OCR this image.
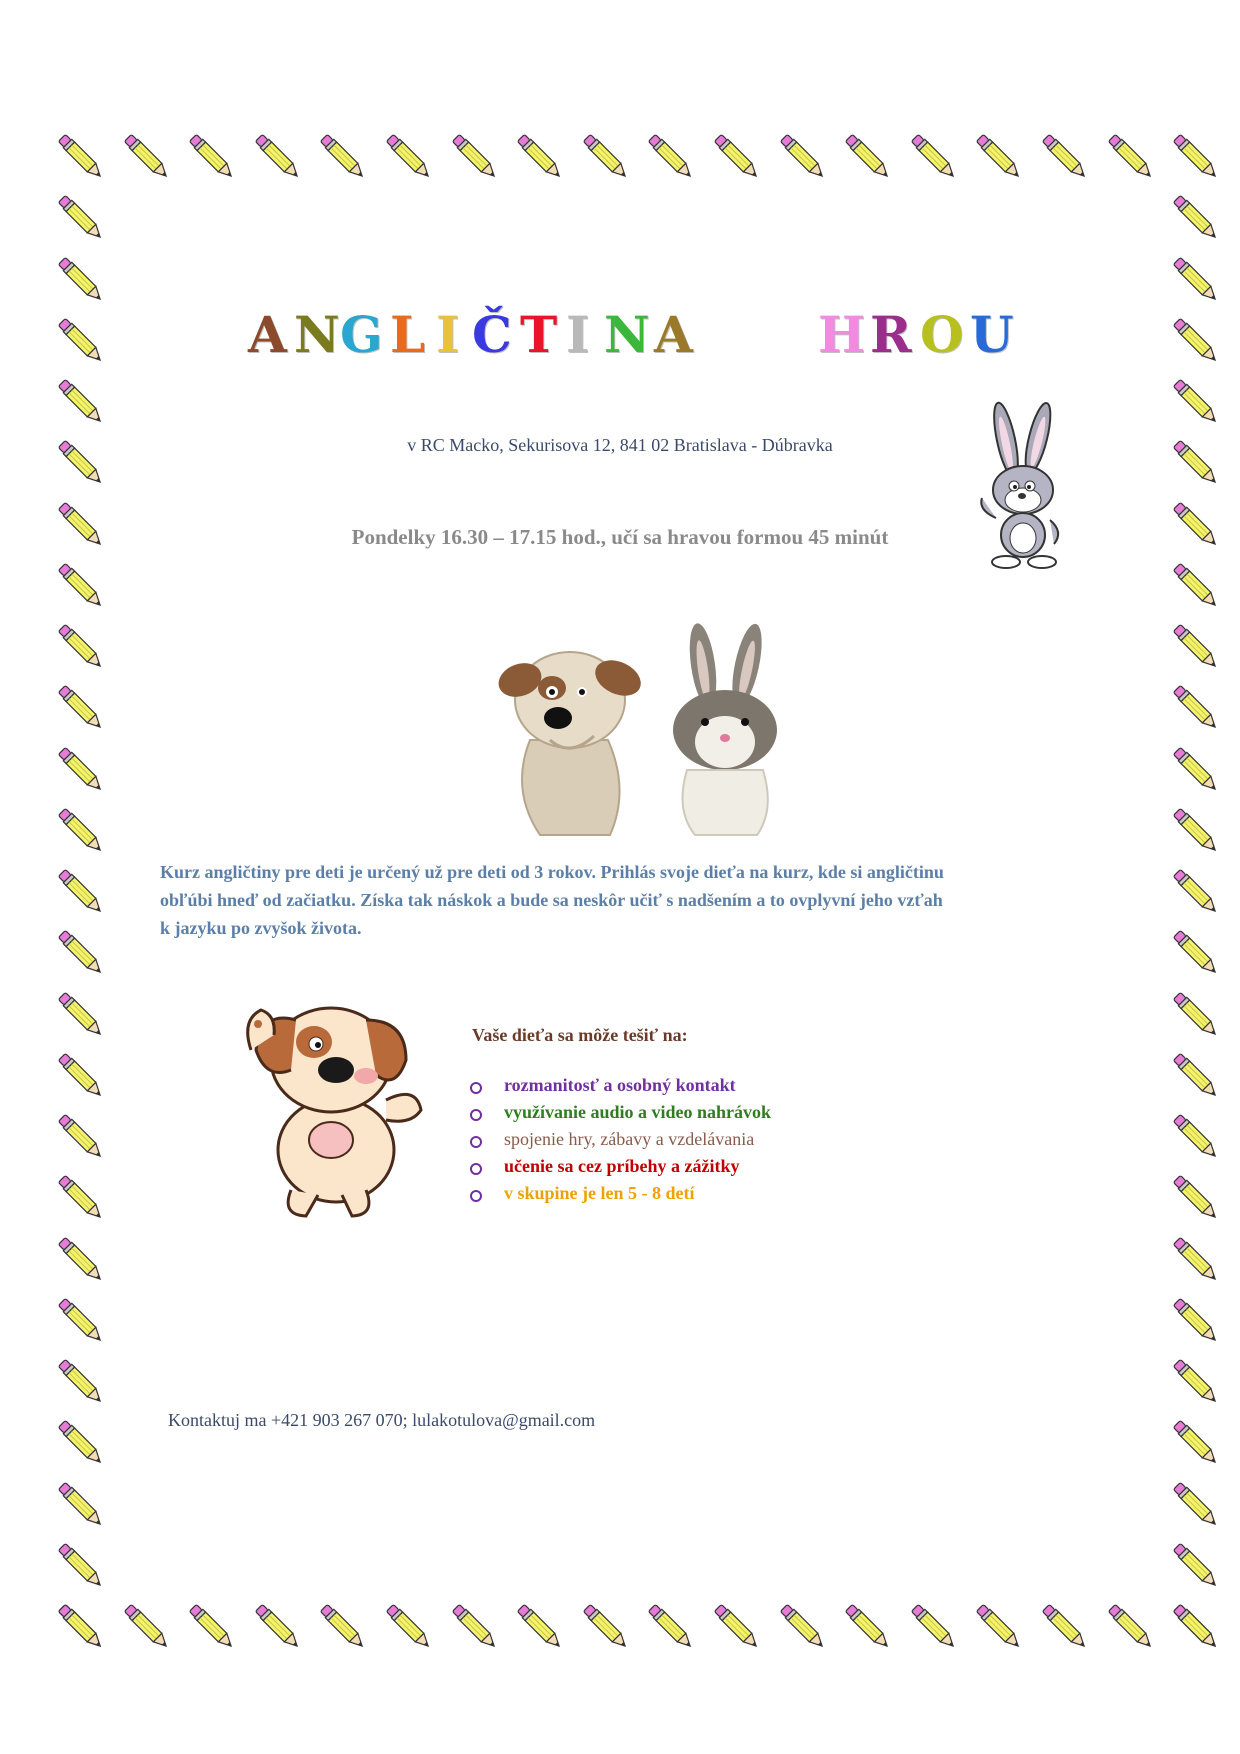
A N G L I Č T I N A	H R O U
v RC Macko, Sekurisova 12, 841 02 Bratislava - Dúbravka
Pondelky 16.30 – 17.15 hod., učí sa hravou formou 45 minút

Kurz angličtiny pre deti je určený už pre deti od 3 rokov. Prihlás svoje dieťa na kurz, kde si angličtinu

obľúbi hneď od začiatku. Získa tak náskok a bude sa neskôr učiť s nadšením a to ovplyvní jeho vzťah

k jazyku po zvyšok života.

Vaše dieťa sa môže tešiť na:
rozmanitosť a osobný kontakt
využívanie audio a video nahrávok
spojenie hry, zábavy a vzdelávania
učenie sa cez príbehy a zážitky
v skupine je len 5 - 8 detí
Kontaktuj ma +421 903 267 070; lulakotulova@gmail.com
